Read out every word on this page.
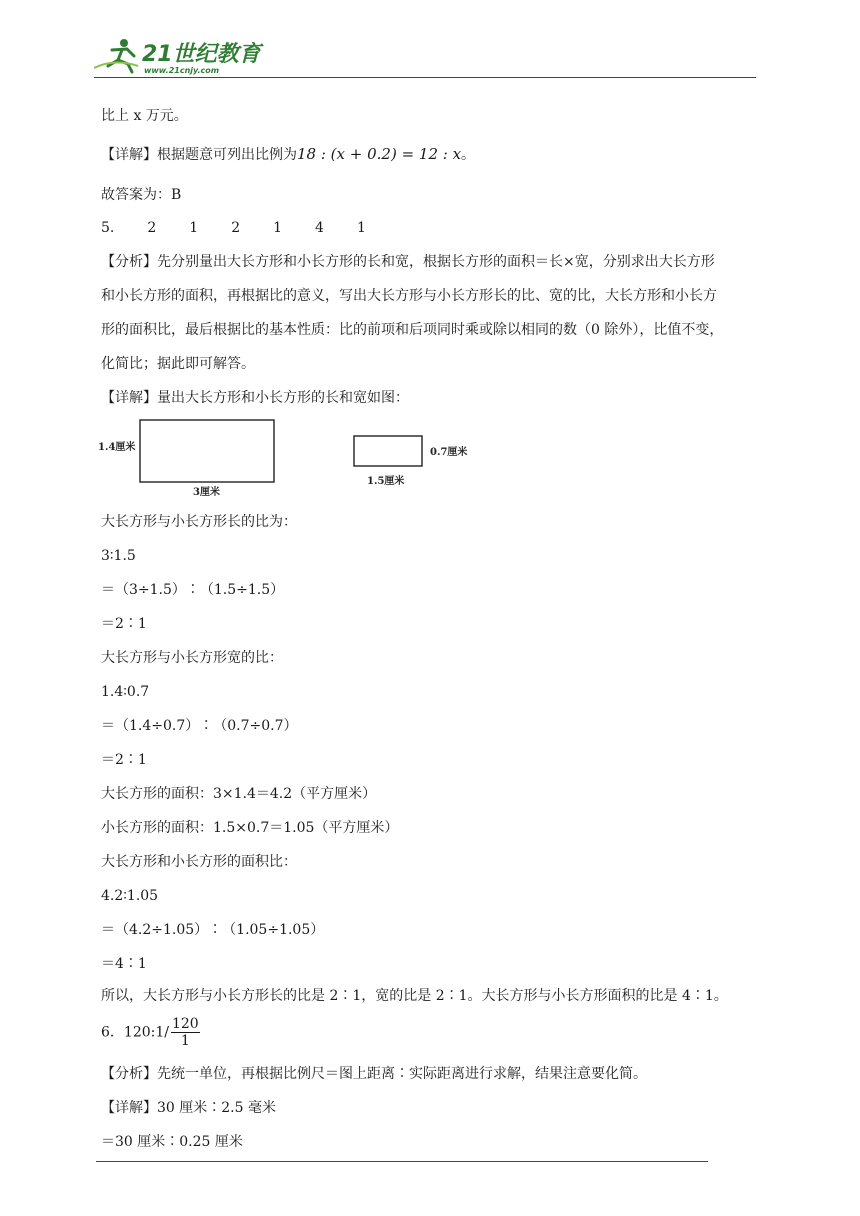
21世纪教育
www.21cnjy.com
比上 x 万元。
【详解】根据题意可列出比例为18 : (x + 0.2) = 12 : x。
故答案为：B
5. 2 1 2 1 4 1
【分析】先分别量出大长方形和小长方形的长和宽，根据长方形的面积＝长×宽，分别求出大长方形
和小长方形的面积，再根据比的意义，写出大长方形与小长方形长的比、宽的比，大长方形和小长方
形的面积比，最后根据比的基本性质：比的前项和后项同时乘或除以相同的数（0 除外），比值不变，
化简比；据此即可解答。
【详解】量出大长方形和小长方形的长和宽如图：
1.4厘米
3厘米
0.7厘米
1.5厘米
大长方形与小长方形长的比为：
3∶1.5
＝（3÷1.5）∶（1.5÷1.5）
＝2∶1
大长方形与小长方形宽的比：
1.4∶0.7
＝（1.4÷0.7）∶（0.7÷0.7）
＝2∶1
大长方形的面积：3×1.4＝4.2（平方厘米）
小长方形的面积：1.5×0.7＝1.05（平方厘米）
大长方形和小长方形的面积比：
4.2∶1.05
＝（4.2÷1.05）∶（1.05÷1.05）
＝4∶1
所以，大长方形与小长方形长的比是 2∶1，宽的比是 2∶1。大长方形与小长方形面积的比是 4∶1。
6．120:1/ $\frac{120}{1}$
【分析】先统一单位，再根据比例尺＝图上距离∶实际距离进行求解，结果注意要化简。
【详解】30 厘米∶2.5 毫米
＝30 厘米∶0.25 厘米
